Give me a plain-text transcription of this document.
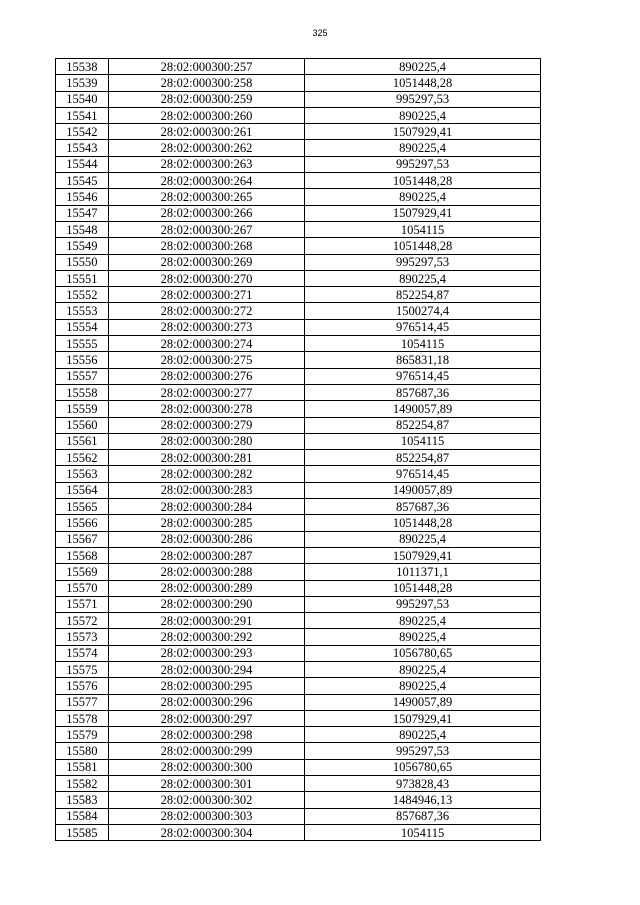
325
15538	28:02:000300:257	890225,4
15539	28:02:000300:258	1051448,28
15540	28:02:000300:259	995297,53
15541	28:02:000300:260	890225,4
15542	28:02:000300:261	1507929,41
15543	28:02:000300:262	890225,4
15544	28:02:000300:263	995297,53
15545	28:02:000300:264	1051448,28
15546	28:02:000300:265	890225,4
15547	28:02:000300:266	1507929,41
15548	28:02:000300:267	1054115
15549	28:02:000300:268	1051448,28
15550	28:02:000300:269	995297,53
15551	28:02:000300:270	890225,4
15552	28:02:000300:271	852254,87
15553	28:02:000300:272	1500274,4
15554	28:02:000300:273	976514,45
15555	28:02:000300:274	1054115
15556	28:02:000300:275	865831,18
15557	28:02:000300:276	976514,45
15558	28:02:000300:277	857687,36
15559	28:02:000300:278	1490057,89
15560	28:02:000300:279	852254,87
15561	28:02:000300:280	1054115
15562	28:02:000300:281	852254,87
15563	28:02:000300:282	976514,45
15564	28:02:000300:283	1490057,89
15565	28:02:000300:284	857687,36
15566	28:02:000300:285	1051448,28
15567	28:02:000300:286	890225,4
15568	28:02:000300:287	1507929,41
15569	28:02:000300:288	1011371,1
15570	28:02:000300:289	1051448,28
15571	28:02:000300:290	995297,53
15572	28:02:000300:291	890225,4
15573	28:02:000300:292	890225,4
15574	28:02:000300:293	1056780,65
15575	28:02:000300:294	890225,4
15576	28:02:000300:295	890225,4
15577	28:02:000300:296	1490057,89
15578	28:02:000300:297	1507929,41
15579	28:02:000300:298	890225,4
15580	28:02:000300:299	995297,53
15581	28:02:000300:300	1056780,65
15582	28:02:000300:301	973828,43
15583	28:02:000300:302	1484946,13
15584	28:02:000300:303	857687,36
15585	28:02:000300:304	1054115
